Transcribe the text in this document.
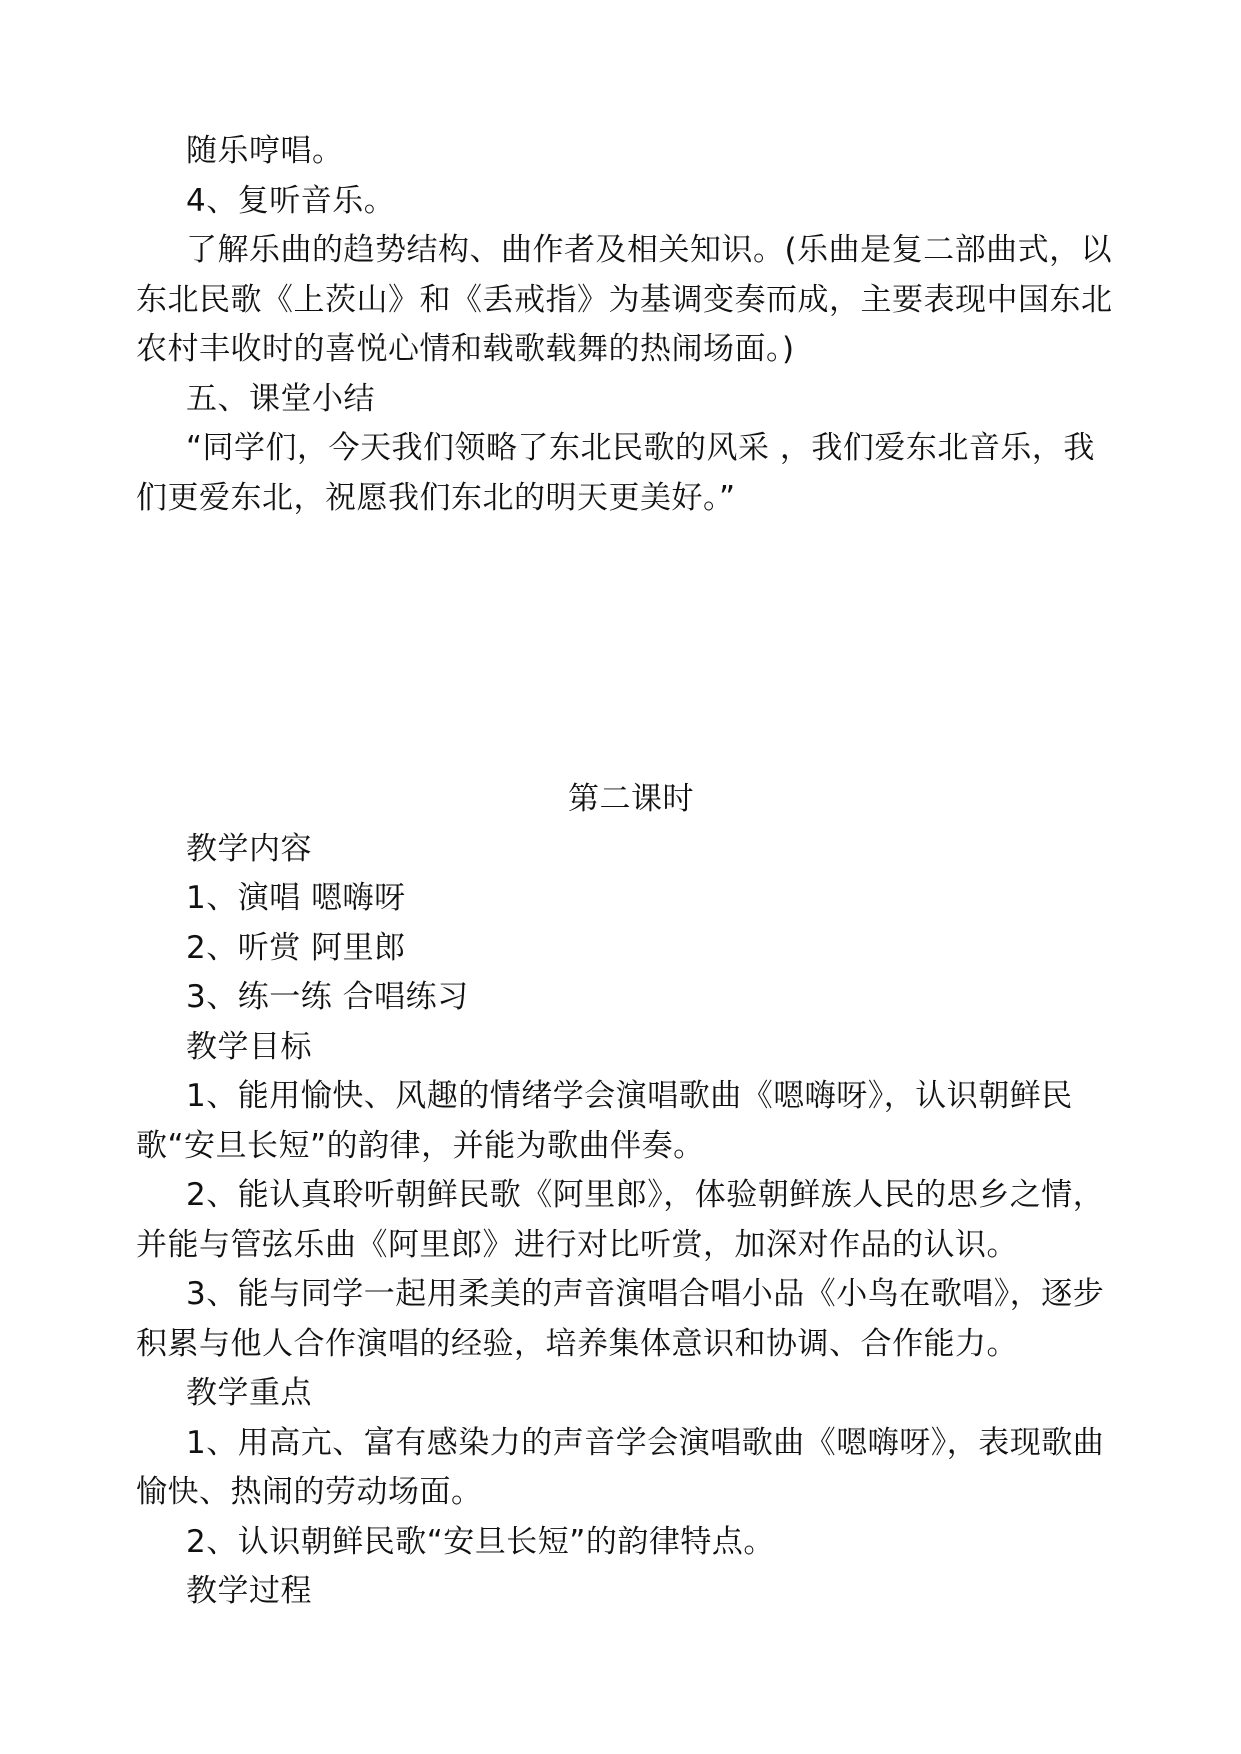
随乐哼唱。

4、复听音乐。

了解乐曲的趋势结构、曲作者及相关知识。(乐曲是复二部曲式，以东北民歌《上茨山》和《丢戒指》为基调变奏而成，主要表现中国东北农村丰收时的喜悦心情和载歌载舞的热闹场面。)

五、课堂小结

“同学们，今天我们领略了东北民歌的风采 ，我们爱东北音乐，我们更爱东北，祝愿我们东北的明天更美好。”

第二课时

教学内容

1、演唱 嗯嗨呀

2、听赏 阿里郎

3、练一练 合唱练习

教学目标

1、能用愉快、风趣的情绪学会演唱歌曲《嗯嗨呀》，认识朝鲜民歌“安旦长短”的韵律，并能为歌曲伴奏。

2、能认真聆听朝鲜民歌《阿里郎》，体验朝鲜族人民的思乡之情，并能与管弦乐曲《阿里郎》进行对比听赏，加深对作品的认识。

3、能与同学一起用柔美的声音演唱合唱小品《小鸟在歌唱》，逐步积累与他人合作演唱的经验，培养集体意识和协调、合作能力。

教学重点

1、用高亢、富有感染力的声音学会演唱歌曲《嗯嗨呀》，表现歌曲愉快、热闹的劳动场面。

2、认识朝鲜民歌“安旦长短”的韵律特点。

教学过程
